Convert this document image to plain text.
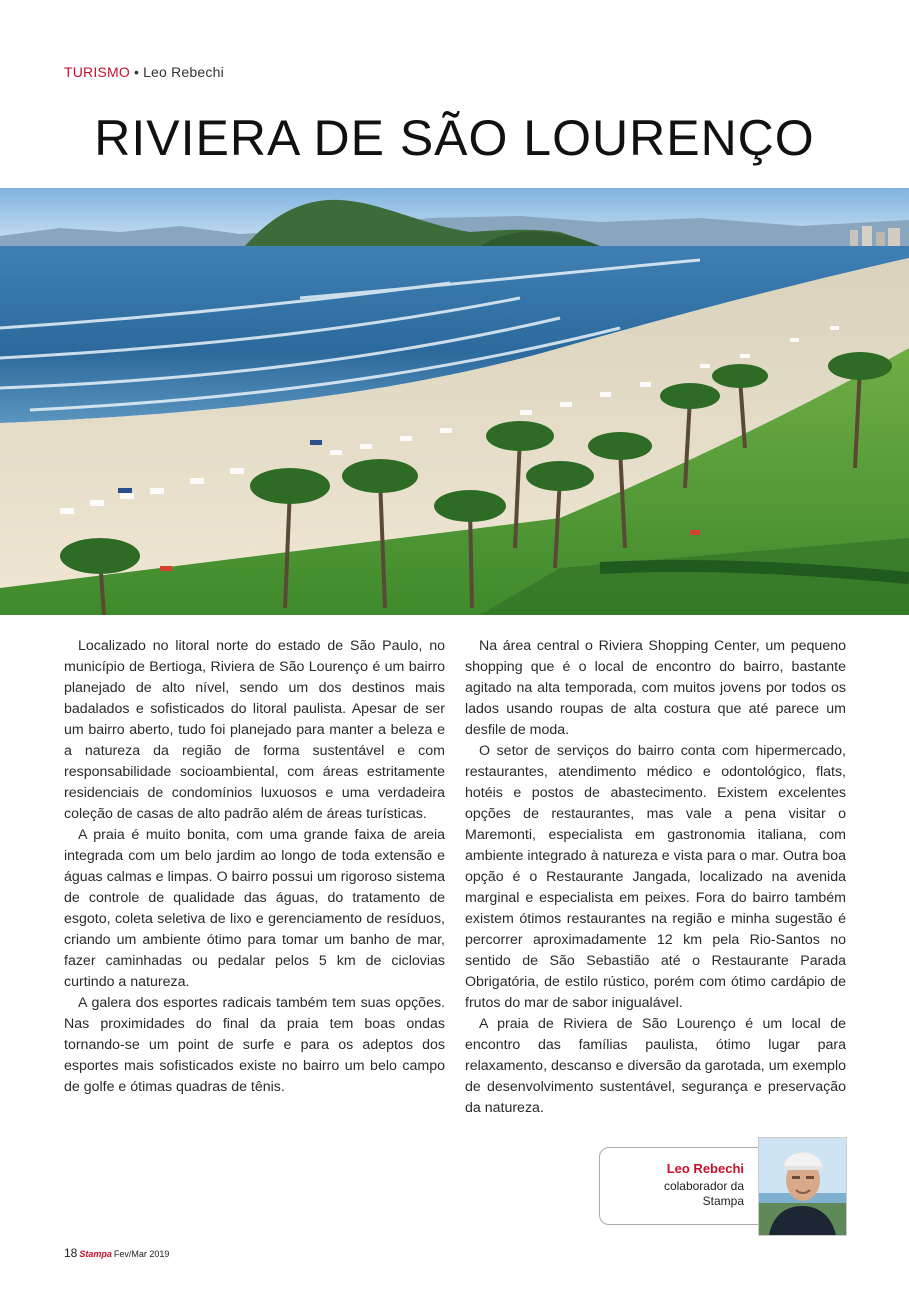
TURISMO • Leo Rebechi
RIVIERA DE SÃO LOURENÇO

Localizado no litoral norte do estado de São Paulo, no município de Bertioga, Riviera de São Lourenço é um bairro planejado de alto nível, sendo um dos destinos mais badalados e sofisticados do litoral paulista. Apesar de ser um bairro aberto, tudo foi planejado para manter a beleza e a natureza da região de forma sustentável e com responsabilidade socioambiental, com áreas estritamente residenciais de condomínios luxuosos e uma verdadeira coleção de casas de alto padrão além de áreas turísticas.

A praia é muito bonita, com uma grande faixa de areia integrada com um belo jardim ao longo de toda extensão e águas calmas e limpas. O bairro possui um rigoroso sistema de controle de qualidade das águas, do tratamento de esgoto, coleta seletiva de lixo e gerenciamento de resíduos, criando um ambiente ótimo para tomar um banho de mar, fazer caminhadas ou pedalar pelos 5 km de ciclovias curtindo a natureza.

A galera dos esportes radicais também tem suas opções. Nas proximidades do final da praia tem boas ondas tornando-se um point de surfe e para os adeptos dos esportes mais sofisticados existe no bairro um belo campo de golfe e ótimas quadras de tênis.

Na área central o Riviera Shopping Center, um pequeno shopping que é o local de encontro do bairro, bastante agitado na alta temporada, com muitos jovens por todos os lados usando roupas de alta costura que até parece um desfile de moda.

O setor de serviços do bairro conta com hipermercado, restaurantes, atendimento médico e odontológico, flats, hotéis e postos de abastecimento. Existem excelentes opções de restaurantes, mas vale a pena visitar o Maremonti, especialista em gastronomia italiana, com ambiente integrado à natureza e vista para o mar. Outra boa opção é o Restaurante Jangada, localizado na avenida marginal e especialista em peixes. Fora do bairro também existem ótimos restaurantes na região e minha sugestão é percorrer aproximadamente 12 km pela Rio-Santos no sentido de São Sebastião até o Restaurante Parada Obrigatória, de estilo rústico, porém com ótimo cardápio de frutos do mar de sabor inigualável.

A praia de Riviera de São Lourenço é um local de encontro das famílias paulista, ótimo lugar para relaxamento, descanso e diversão da garotada, um exemplo de desenvolvimento sustentável, segurança e preservação da natureza.

Leo Rebechi
colaborador da Stampa
18 Stampa Fev/Mar 2019
